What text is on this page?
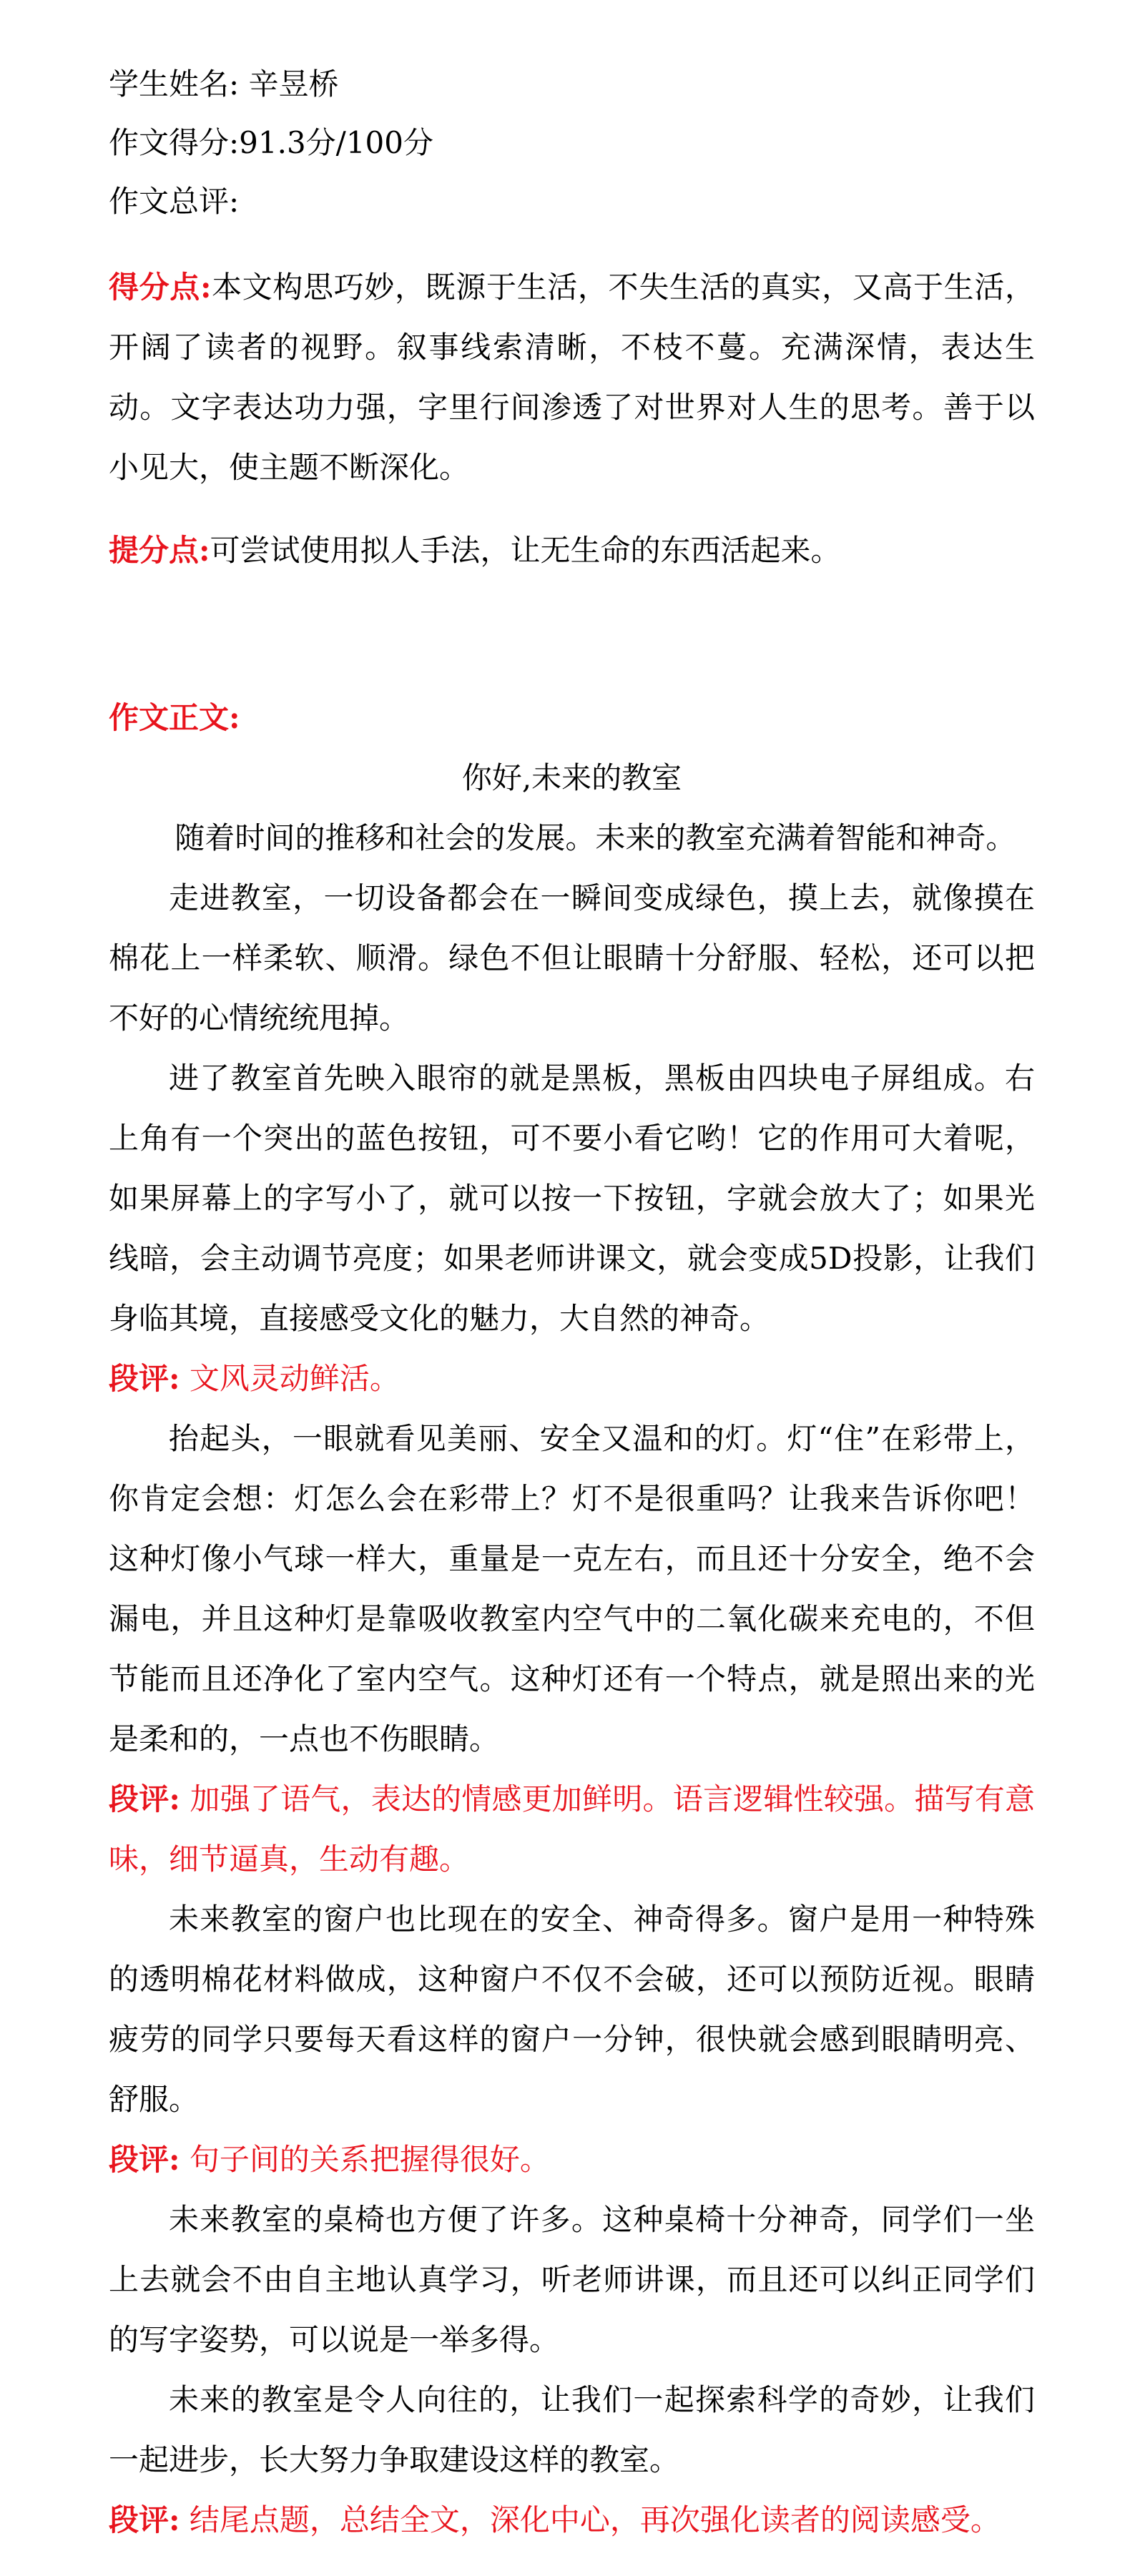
学生姓名: 辛昱桥

作文得分:91.3分/100分

作文总评:

得分点:本文构思巧妙，既源于生活，不失生活的真实，又高于生活，开阔了读者的视野。叙事线索清晰，不枝不蔓。充满深情，表达生动。文字表达功力强，字里行间渗透了对世界对人生的思考。善于以小见大，使主题不断深化。

提分点:可尝试使用拟人手法，让无生命的东西活起来。

作文正文:

你好,未来的教室

随着时间的推移和社会的发展。未来的教室充满着智能和神奇。

走进教室，一切设备都会在一瞬间变成绿色，摸上去，就像摸在棉花上一样柔软、顺滑。绿色不但让眼睛十分舒服、轻松，还可以把不好的心情统统甩掉。

进了教室首先映入眼帘的就是黑板，黑板由四块电子屏组成。右上角有一个突出的蓝色按钮，可不要小看它哟！它的作用可大着呢，如果屏幕上的字写小了，就可以按一下按钮，字就会放大了；如果光线暗，会主动调节亮度；如果老师讲课文，就会变成5D投影，让我们身临其境，直接感受文化的魅力，大自然的神奇。

段评: 文风灵动鲜活。

抬起头，一眼就看见美丽、安全又温和的灯。灯“住”在彩带上，你肯定会想：灯怎么会在彩带上？灯不是很重吗？让我来告诉你吧！这种灯像小气球一样大，重量是一克左右，而且还十分安全，绝不会漏电，并且这种灯是靠吸收教室内空气中的二氧化碳来充电的，不但节能而且还净化了室内空气。这种灯还有一个特点，就是照出来的光是柔和的，一点也不伤眼睛。

段评: 加强了语气，表达的情感更加鲜明。语言逻辑性较强。描写有意味，细节逼真，生动有趣。

未来教室的窗户也比现在的安全、神奇得多。窗户是用一种特殊的透明棉花材料做成，这种窗户不仅不会破，还可以预防近视。眼睛疲劳的同学只要每天看这样的窗户一分钟，很快就会感到眼睛明亮、舒服。

段评: 句子间的关系把握得很好。

未来教室的桌椅也方便了许多。这种桌椅十分神奇，同学们一坐上去就会不由自主地认真学习，听老师讲课，而且还可以纠正同学们的写字姿势，可以说是一举多得。

未来的教室是令人向往的，让我们一起探索科学的奇妙，让我们一起进步，长大努力争取建设这样的教室。

段评: 结尾点题，总结全文，深化中心，再次强化读者的阅读感受。
